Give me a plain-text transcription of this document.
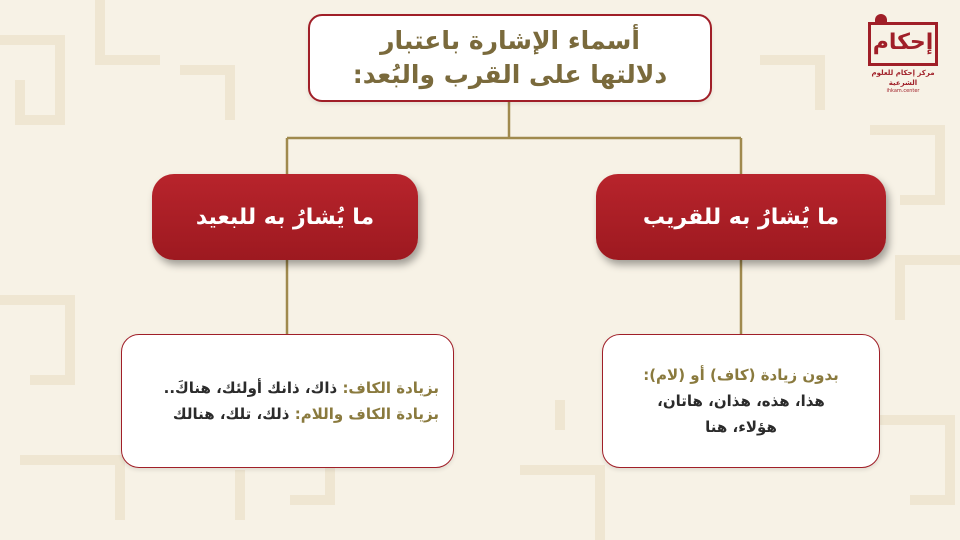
أسماء الإشارة باعتبار
دلالتها على القرب والبُعد:
ما يُشارُ به للبعيد	ما يُشارُ به للقريب
بزيادة الكاف: ذاك، ذانك أولئك، هناكَ..
بزيادة الكاف واللام: ذلك، تلك، هنالك
بدون زيادة (كاف) أو (لام):
هذا، هذه، هذان، هاتان،
هؤلاء، هنا
إحكام
مركز إحكام للعلوم الشرعية
ihkam.center
